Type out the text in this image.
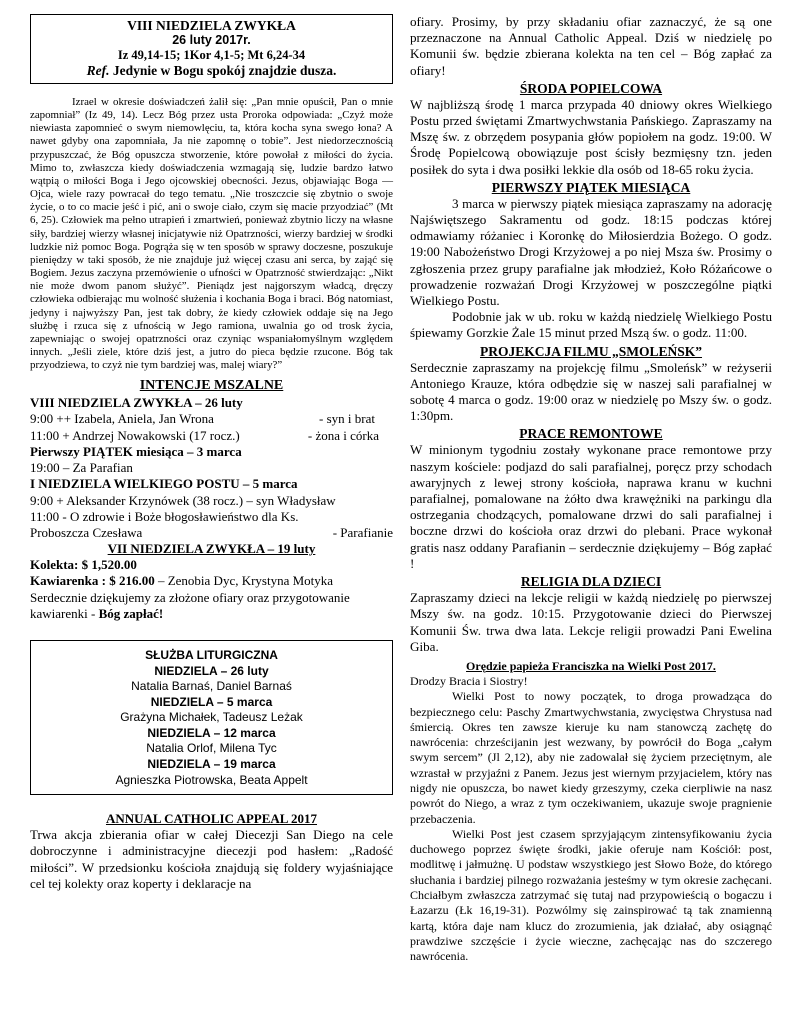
VIII NIEDZIELA ZWYKŁA
26 luty 2017r.
Iz 49,14-15; 1Kor 4,1-5; Mt 6,24-34
Ref. Jedynie w Bogu spokój znajdzie dusza.

Izrael w okresie doświadczeń żalił się: „Pan mnie opuścił, Pan o mnie zapomniał” (Iz 49, 14). Lecz Bóg przez usta Proroka odpowiada: „Czyż może niewiasta zapomnieć o swym niemowlęciu, ta, która kocha syna swego łona? A nawet gdyby ona zapomniała, Ja nie zapomnę o tobie”. Jest niedorzecznością przypuszczać, że Bóg opuszcza stworzenie, które powołał z miłości do życia. Mimo to, zwłaszcza kiedy doświadczenia wzmagają się, ludzie bardzo łatwo wątpią o miłości Boga i Jego ojcowskiej obecności. Jezus, objawiając Boga — Ojca, wiele razy powracał do tego tematu. „Nie troszczcie się zbytnio o swoje życie, o to co macie jeść i pić, ani o swoje ciało, czym się macie przyodziać” (Mt 6, 25). Człowiek ma pełno utrapień i zmartwień, ponieważ zbytnio liczy na własne siły, bardziej wierzy własnej inicjatywie niż Opatrzności, wierzy bardziej w środki ludzkie niż pomoc Boga. Pogrąża się w ten sposób w sprawy doczesne, poszukuje pieniędzy w taki sposób, że nie znajduje już więcej czasu ani serca, by zająć się Bogiem. Jezus zaczyna przemówienie o ufności w Opatrzność stwierdzając: „Nikt nie może dwom panom służyć”. Pieniądz jest najgorszym władcą, dręczy człowieka odbierając mu wolność służenia i kochania Boga i braci. Bóg natomiast, jedyny i najwyższy Pan, jest tak dobry, że kiedy człowiek oddaje się na Jego służbę i rzuca się z ufnością w Jego ramiona, uwalnia go od trosk życia, zapewniając o swojej opatrzności oraz czyniąc wspaniałomyślnym względem innych. „Jeśli ziele, które dziś jest, a jutro do pieca będzie rzucone. Bóg tak przyodziewa, to czyż nie tym bardziej was, malej wiary?”

INTENCJE MSZALNE
VIII NIEDZIELA ZWYKŁA – 26 luty
9:00 ++ Izabela, Aniela, Jan Wrona	- syn i brat
11:00 + Andrzej Nowakowski (17 rocz.)	- żona i córka
Pierwszy PIĄTEK miesiąca – 3 marca
19:00 – Za Parafian
I NIEDZIELA WIELKIEGO POSTU – 5 marca
9:00 + Aleksander Krzynówek (38 rocz.) – syn Władysław
11:00 - O zdrowie i Boże błogosławieństwo dla Ks.
Proboszcza Czesława	- Parafianie
VII NIEDZIELA ZWYKŁA – 19 luty
Kolekta: $ 1,520.00
Kawiarenka : $ 216.00 – Zenobia Dyc, Krystyna Motyka
Serdecznie dziękujemy za złożone ofiary oraz przygotowanie kawiarenki - Bóg zapłać!
SŁUŻBA LITURGICZNA
NIEDZIELA – 26 luty
Natalia Barnaś, Daniel Barnaś
NIEDZIELA – 5 marca
Grażyna Michałek, Tadeusz Leżak
NIEDZIELA – 12 marca
Natalia Orlof, Milena Tyc
NIEDZIELA – 19 marca
Agnieszka Piotrowska, Beata Appelt
ANNUAL CATHOLIC APPEAL 2017

Trwa akcja zbierania ofiar w całej Diecezji San Diego na cele dobroczynne i administracyjne diecezji pod hasłem: „Radość miłości”. W przedsionku kościoła znajdują się foldery wyjaśniające cel tej kolekty oraz koperty i deklaracje na

ofiary. Prosimy, by przy składaniu ofiar zaznaczyć, że są one przeznaczone na Annual Catholic Appeal. Dziś w niedzielę po Komunii św. będzie zbierana kolekta na ten cel – Bóg zapłać za ofiary!

ŚRODA POPIELCOWA

W najbliższą środę 1 marca przypada 40 dniowy okres Wielkiego Postu przed świętami Zmartwychwstania Pańskiego. Zapraszamy na Mszę św. z obrzędem posypania głów popiołem na godz. 19:00. W Środę Popielcową obowiązuje post ścisły bezmięsny tzn. jeden posiłek do syta i dwa posiłki lekkie dla osób od 18-65 roku życia.

PIERWSZY PIĄTEK MIESIĄCA

3 marca w pierwszy piątek miesiąca zapraszamy na adorację Najświętszego Sakramentu od godz. 18:15 podczas której odmawiamy różaniec i Koronkę do Miłosierdzia Bożego. O godz. 19:00 Nabożeństwo Drogi Krzyżowej a po niej Msza św. Prosimy o zgłoszenia przez grupy parafialne jak młodzież, Koło Różańcowe o prowadzenie rozważań Drogi Krzyżowej w poszczególne piątki Wielkiego Postu.

Podobnie jak w ub. roku w każdą niedzielę Wielkiego Postu śpiewamy Gorzkie Żale 15 minut przed Mszą św. o godz. 11:00.

PROJEKCJA FILMU „SMOLEŃSK”

Serdecznie zapraszamy na projekcję filmu „Smoleńsk” w reżyserii Antoniego Krauze, która odbędzie się w naszej sali parafialnej w sobotę 4 marca o godz. 19:00 oraz w niedzielę po Mszy św. o godz. 1:30pm.

PRACE REMONTOWE

W minionym tygodniu zostały wykonane prace remontowe przy naszym kościele: podjazd do sali parafialnej, poręcz przy schodach awaryjnych z lewej strony kościoła, naprawa kranu w kuchni parafialnej, pomalowane na żółto dwa krawężniki na parkingu dla ostrzegania chodzących, pomalowane drzwi do sali parafialnej i boczne drzwi do kościoła oraz drzwi do plebani. Prace wykonał gratis nasz oddany Parafianin – serdecznie dziękujemy – Bóg zapłać !

RELIGIA DLA DZIECI

Zapraszamy dzieci na lekcje religii w każdą niedzielę po pierwszej Mszy św. na godz. 10:15. Przygotowanie dzieci do Pierwszej Komunii Św. trwa dwa lata. Lekcje religii prowadzi Pani Ewelina Giba.

Orędzie papieża Franciszka na Wielki Post 2017.

Drodzy Bracia i Siostry!

Wielki Post to nowy początek, to droga prowadząca do bezpiecznego celu: Paschy Zmartwychwstania, zwycięstwa Chrystusa nad śmiercią. Okres ten zawsze kieruje ku nam stanowczą zachętę do nawrócenia: chrześcijanin jest wezwany, by powrócił do Boga „całym swym sercem” (Jl 2,12), aby nie zadowalał się życiem przeciętnym, ale wzrastał w przyjaźni z Panem. Jezus jest wiernym przyjacielem, który nas nigdy nie opuszcza, bo nawet kiedy grzeszymy, czeka cierpliwie na nasz powrót do Niego, a wraz z tym oczekiwaniem, ukazuje swoje pragnienie przebaczenia.

Wielki Post jest czasem sprzyjającym zintensyfikowaniu życia duchowego poprzez święte środki, jakie oferuje nam Kościół: post, modlitwę i jałmużnę. U podstaw wszystkiego jest Słowo Boże, do którego słuchania i bardziej pilnego rozważania jesteśmy w tym okresie zachęcani. Chciałbym zwłaszcza zatrzymać się tutaj nad przypowieścią o bogaczu i Łazarzu (Łk 16,19-31). Pozwólmy się zainspirować tą tak znamienną kartą, która daje nam klucz do zrozumienia, jak działać, aby osiągnąć prawdziwe szczęście i życie wieczne, zachęcając nas do szczerego nawrócenia.
